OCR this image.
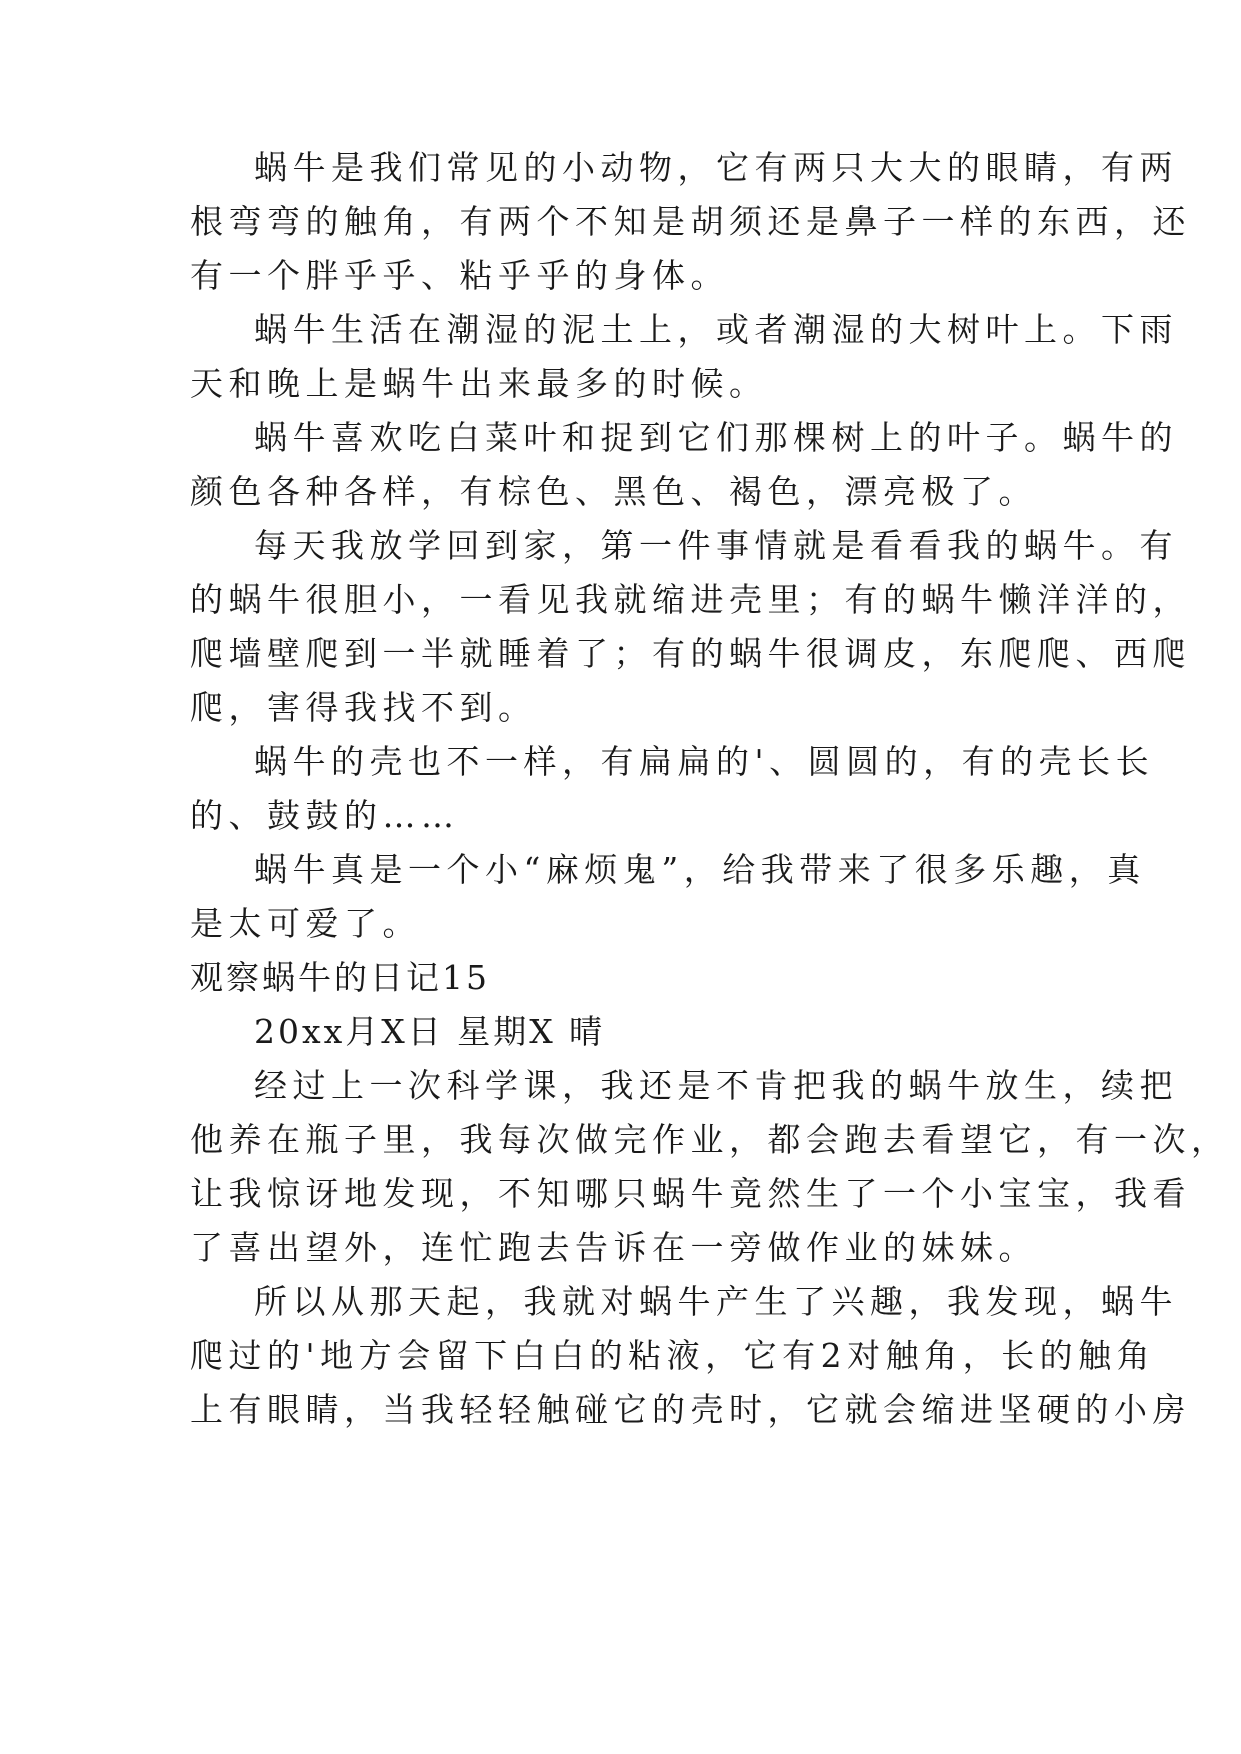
蜗牛是我们常见的小动物，它有两只大大的眼睛，有两
根弯弯的触角，有两个不知是胡须还是鼻子一样的东西，还
有一个胖乎乎、粘乎乎的身体。
蜗牛生活在潮湿的泥土上，或者潮湿的大树叶上。下雨
天和晚上是蜗牛出来最多的时候。
蜗牛喜欢吃白菜叶和捉到它们那棵树上的叶子。蜗牛的
颜色各种各样，有棕色、黑色、褐色，漂亮极了。
每天我放学回到家，第一件事情就是看看我的蜗牛。有
的蜗牛很胆小，一看见我就缩进壳里；有的蜗牛懒洋洋的，
爬墙壁爬到一半就睡着了；有的蜗牛很调皮，东爬爬、西爬
爬，害得我找不到。
蜗牛的壳也不一样，有扁扁的'、圆圆的，有的壳长长
的、鼓鼓的……
蜗牛真是一个小“麻烦鬼”，给我带来了很多乐趣，真
是太可爱了。
观察蜗牛的日记15
20xx月X日 星期X 晴
经过上一次科学课，我还是不肯把我的蜗牛放生，续把
他养在瓶子里，我每次做完作业，都会跑去看望它，有一次，
让我惊讶地发现，不知哪只蜗牛竟然生了一个小宝宝，我看
了喜出望外，连忙跑去告诉在一旁做作业的妹妹。
所以从那天起，我就对蜗牛产生了兴趣，我发现，蜗牛
爬过的'地方会留下白白的粘液，它有2对触角，长的触角
上有眼睛，当我轻轻触碰它的壳时，它就会缩进坚硬的小房
